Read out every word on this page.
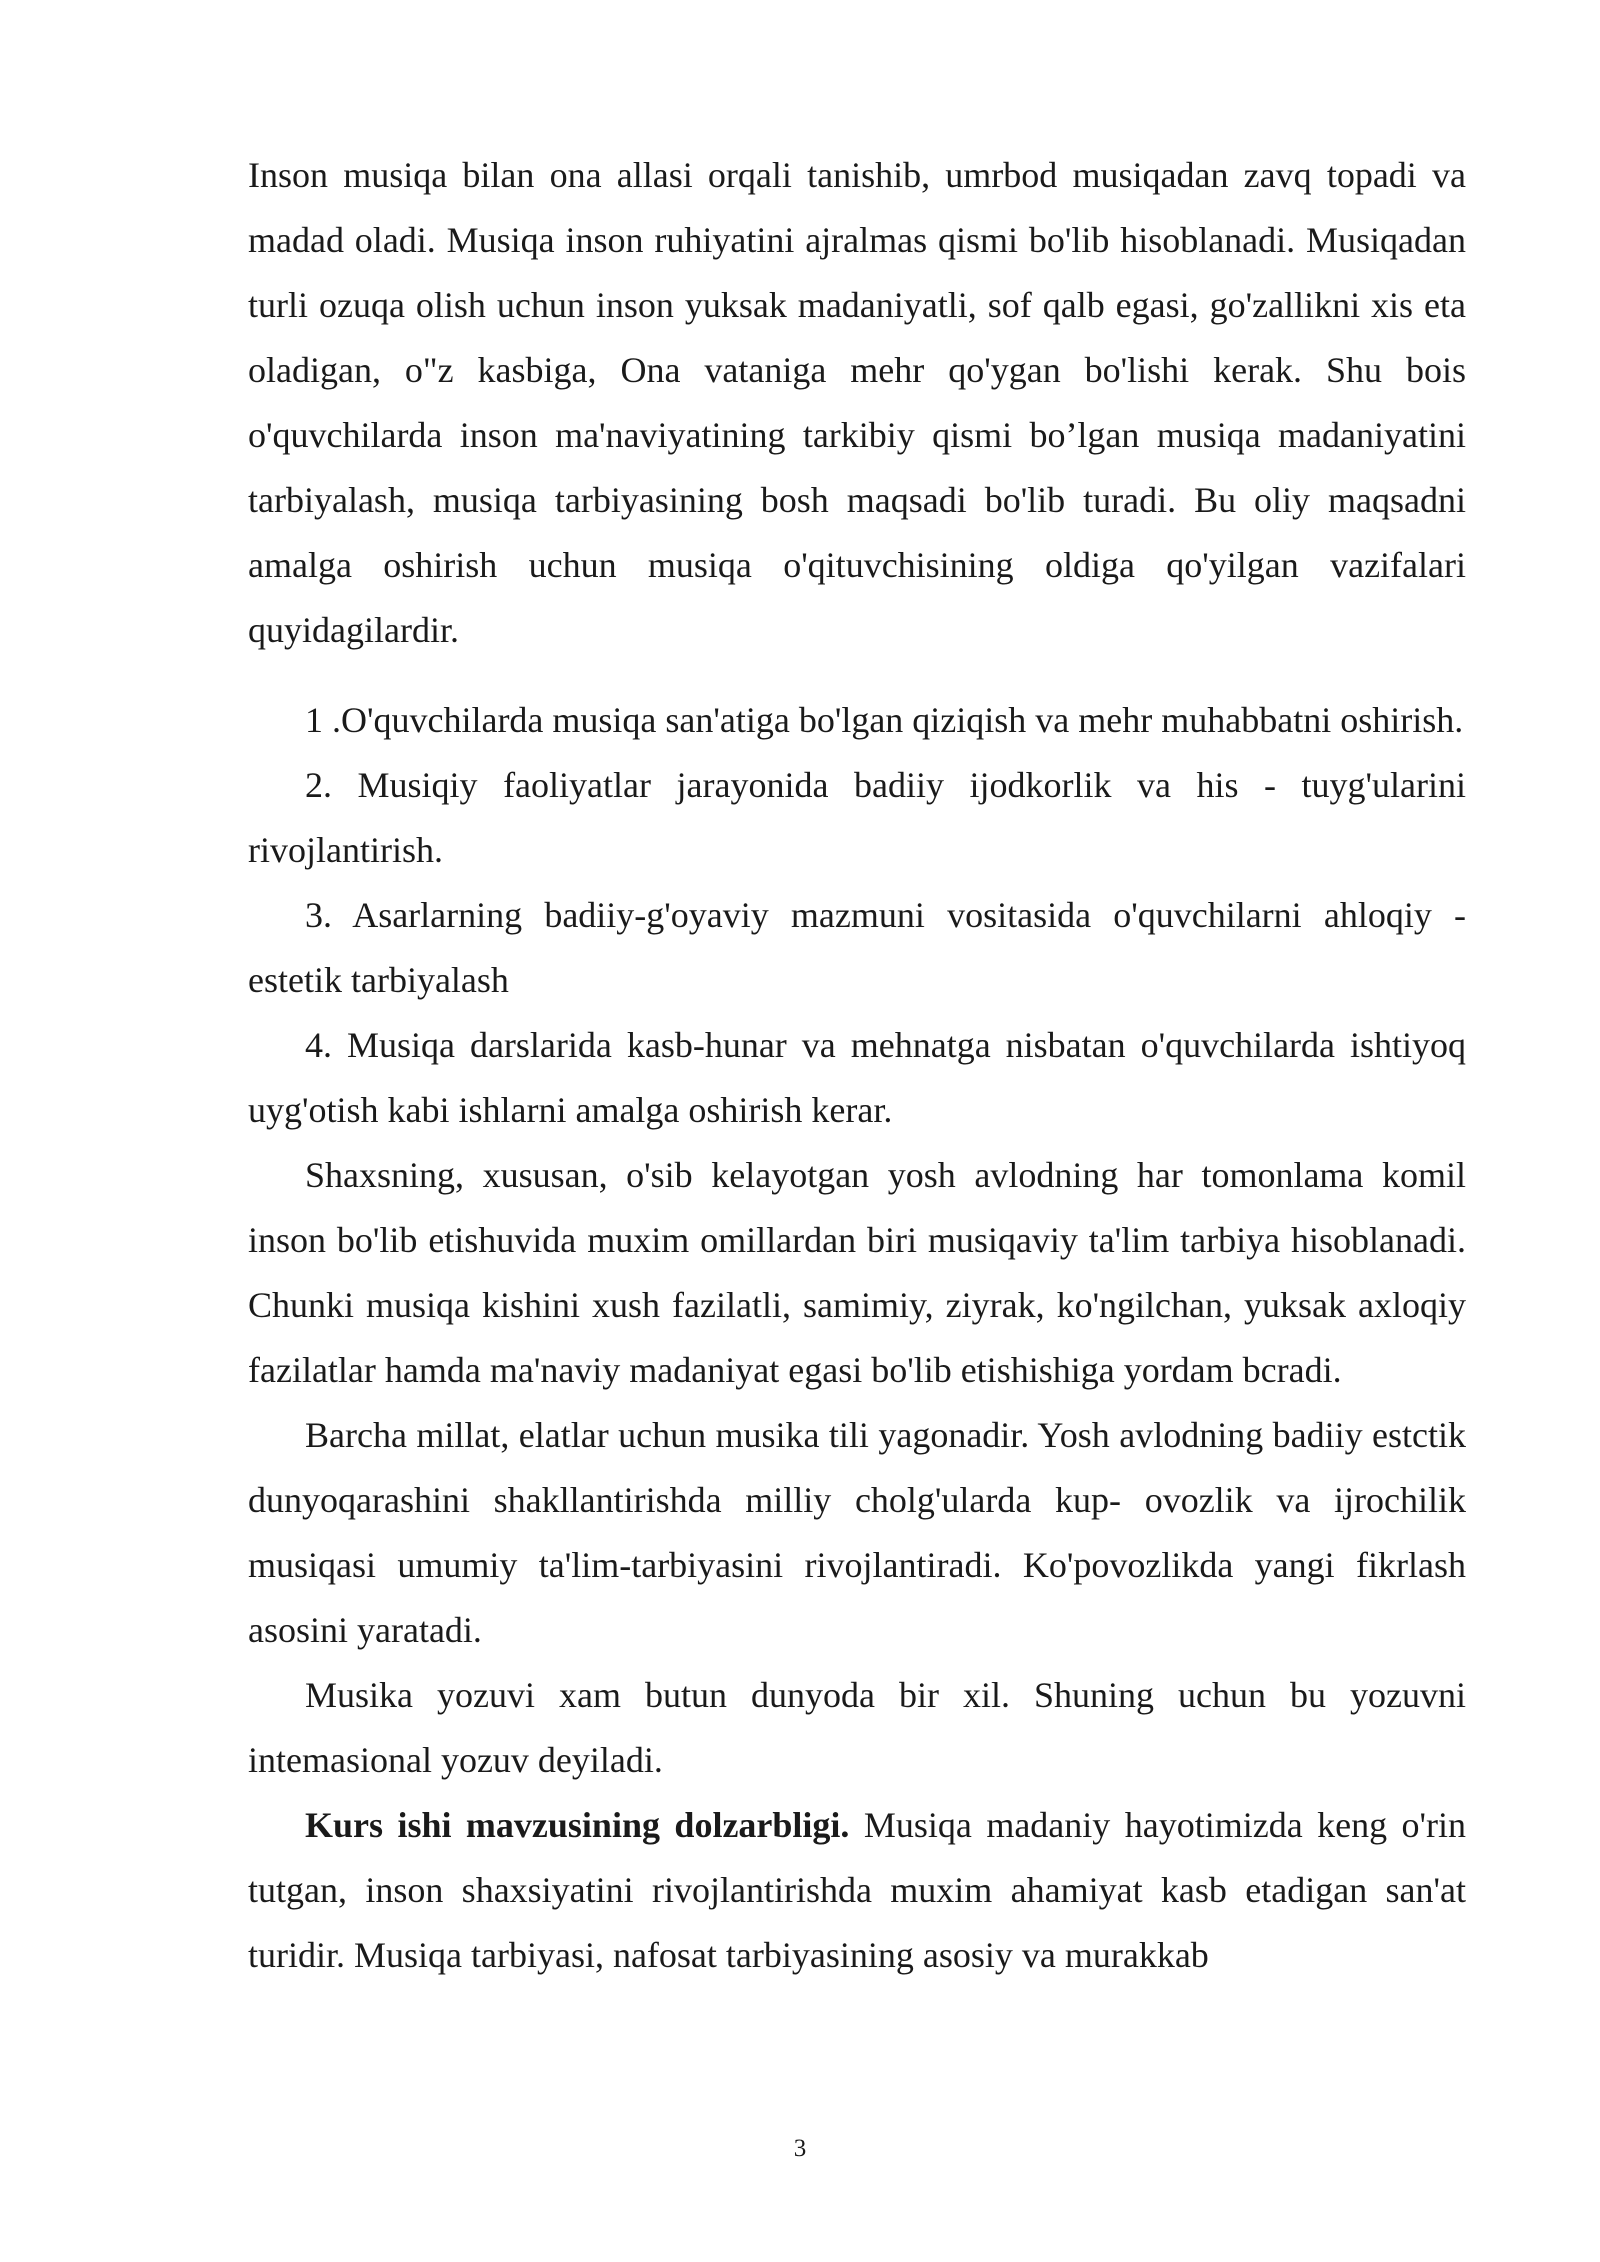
Inson musiqa bilan ona allasi orqali tanishib, umrbod musiqadan zavq topadi va madad oladi. Musiqa inson ruhiyatini ajralmas qismi bo'lib hisoblanadi. Musiqadan turli ozuqa olish uchun inson yuksak madaniyatli, sof qalb egasi, go'zallikni xis eta oladigan, o"z kasbiga, Ona vataniga mehr qo'ygan bo'lishi kerak. Shu bois o'quvchilarda inson ma'naviyatining tarkibiy qismi bo’lgan musiqa madaniyatini tarbiyalash, musiqa tarbiyasining bosh maqsadi bo'lib turadi. Bu oliy maqsadni amalga oshirish uchun musiqa o'qituvchisining oldiga qo'yilgan vazifalari quyidagilardir.

1 .O'quvchilarda musiqa san'atiga bo'lgan qiziqish va mehr muhabbatni oshirish.

2. Musiqiy faoliyatlar jarayonida badiiy ijodkorlik va his - tuyg'ularini rivojlantirish.

3. Asarlarning badiiy-g'oyaviy mazmuni vositasida o'quvchilarni ahloqiy - estetik tarbiyalash

4. Musiqa darslarida kasb-hunar va mehnatga nisbatan o'quvchilarda ishtiyoq uyg'otish kabi ishlarni amalga oshirish kerar.

Shaxsning, xususan, o'sib kelayotgan yosh avlodning har tomonlama komil inson bo'lib etishuvida muxim omillardan biri musiqaviy ta'lim tarbiya hisoblanadi. Chunki musiqa kishini xush fazilatli, samimiy, ziyrak, ko'ngilchan, yuksak axloqiy fazilatlar hamda ma'naviy madaniyat egasi bo'lib etishishiga yordam bcradi.

Barcha millat, elatlar uchun musika tili yagonadir. Yosh avlodning badiiy estctik dunyoqarashini shakllantirishda milliy cholg'ularda kup- ovozlik va ijrochilik musiqasi umumiy ta'lim-tarbiyasini rivojlantiradi. Ko'povozlikda yangi fikrlash asosini yaratadi.

Musika yozuvi xam butun dunyoda bir xil. Shuning uchun bu yozuvni intemasional yozuv deyiladi.

Kurs ishi mavzusining dolzarbligi. Musiqa madaniy hayotimizda keng o'rin tutgan, inson shaxsiyatini rivojlantirishda muxim ahamiyat kasb etadigan san'at turidir. Musiqa tarbiyasi, nafosat tarbiyasining asosiy va murakkab

3
